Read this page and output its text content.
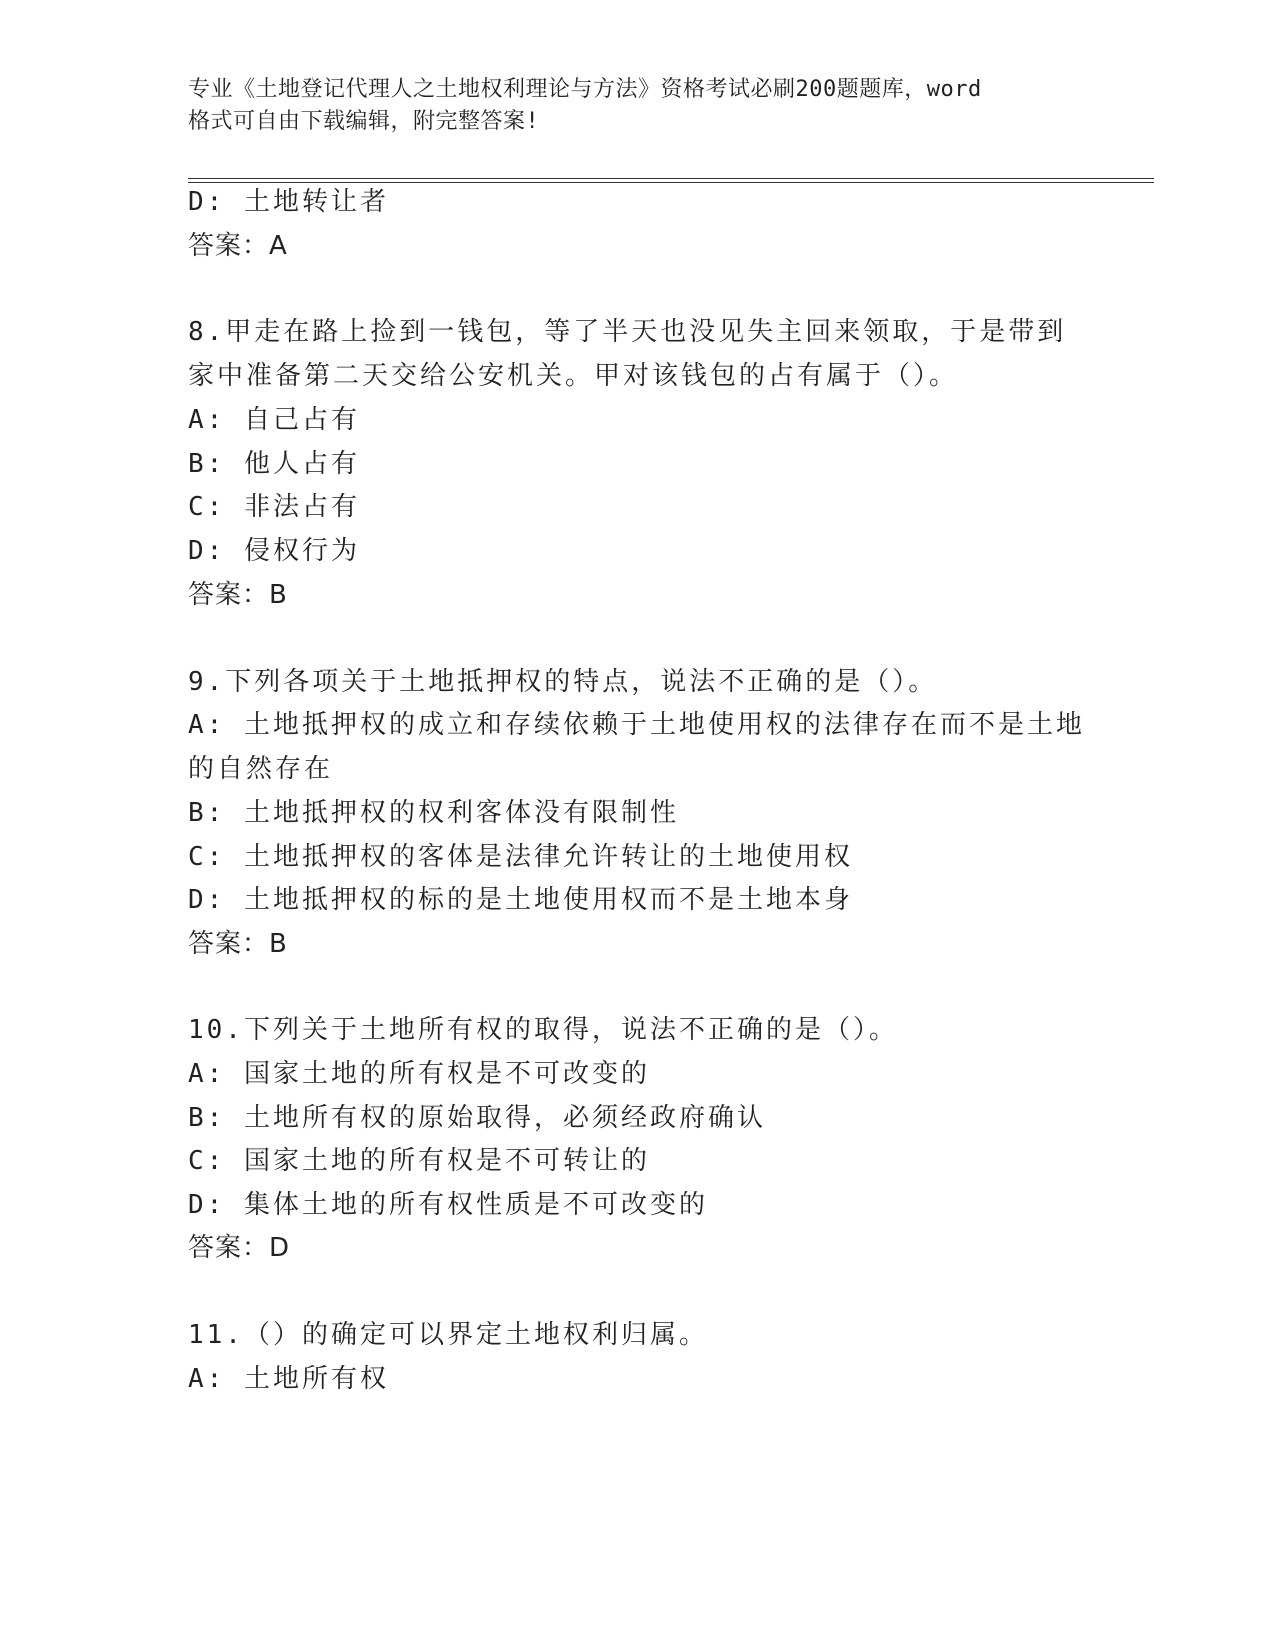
专业《土地登记代理人之土地权利理论与方法》资格考试必刷200题题库，word
格式可自由下载编辑，附完整答案!
D: 土地转让者
答案：A
8.甲走在路上捡到一钱包，等了半天也没见失主回来领取，于是带到
家中准备第二天交给公安机关。甲对该钱包的占有属于（）。
A: 自己占有
B: 他人占有
C: 非法占有
D: 侵权行为
答案：B
9.下列各项关于土地抵押权的特点，说法不正确的是（）。
A: 土地抵押权的成立和存续依赖于土地使用权的法律存在而不是土地
的自然存在
B: 土地抵押权的权利客体没有限制性
C: 土地抵押权的客体是法律允许转让的土地使用权
D: 土地抵押权的标的是土地使用权而不是土地本身
答案：B
10.下列关于土地所有权的取得，说法不正确的是（）。
A: 国家土地的所有权是不可改变的
B: 土地所有权的原始取得，必须经政府确认
C: 国家土地的所有权是不可转让的
D: 集体土地的所有权性质是不可改变的
答案：D
11.（）的确定可以界定土地权利归属。
A: 土地所有权
